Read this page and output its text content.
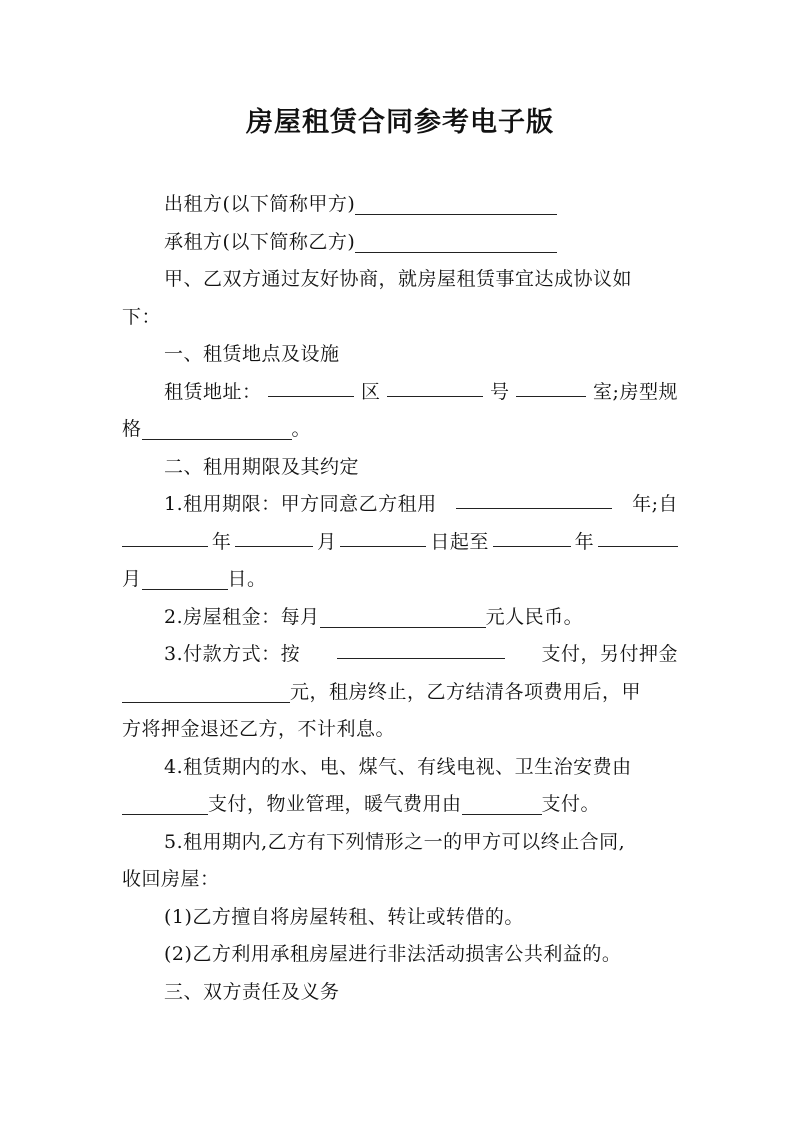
房屋租赁合同参考电子版
出租方(以下简称甲方)
承租方(以下简称乙方)
甲、乙双方通过友好协商，就房屋租赁事宜达成协议如
下：
一、租赁地点及设施
租赁地址：	区	号	室;房型规
格	。
二、租用期限及其约定
1.租用期限：甲方同意乙方租用	年;自
年	月	日起至	年
月	日。
2.房屋租金：每月	元人民币。
3.付款方式：按	支付，另付押金
元，租房终止，乙方结清各项费用后，甲
方将押金退还乙方，不计利息。
4.租赁期内的水、电、煤气、有线电视、卫生治安费由
支付，物业管理，暖气费用由	支付。
5.租用期内,乙方有下列情形之一的甲方可以终止合同,
收回房屋：
(1)乙方擅自将房屋转租、转让或转借的。
(2)乙方利用承租房屋进行非法活动损害公共利益的。
三、双方责任及义务
